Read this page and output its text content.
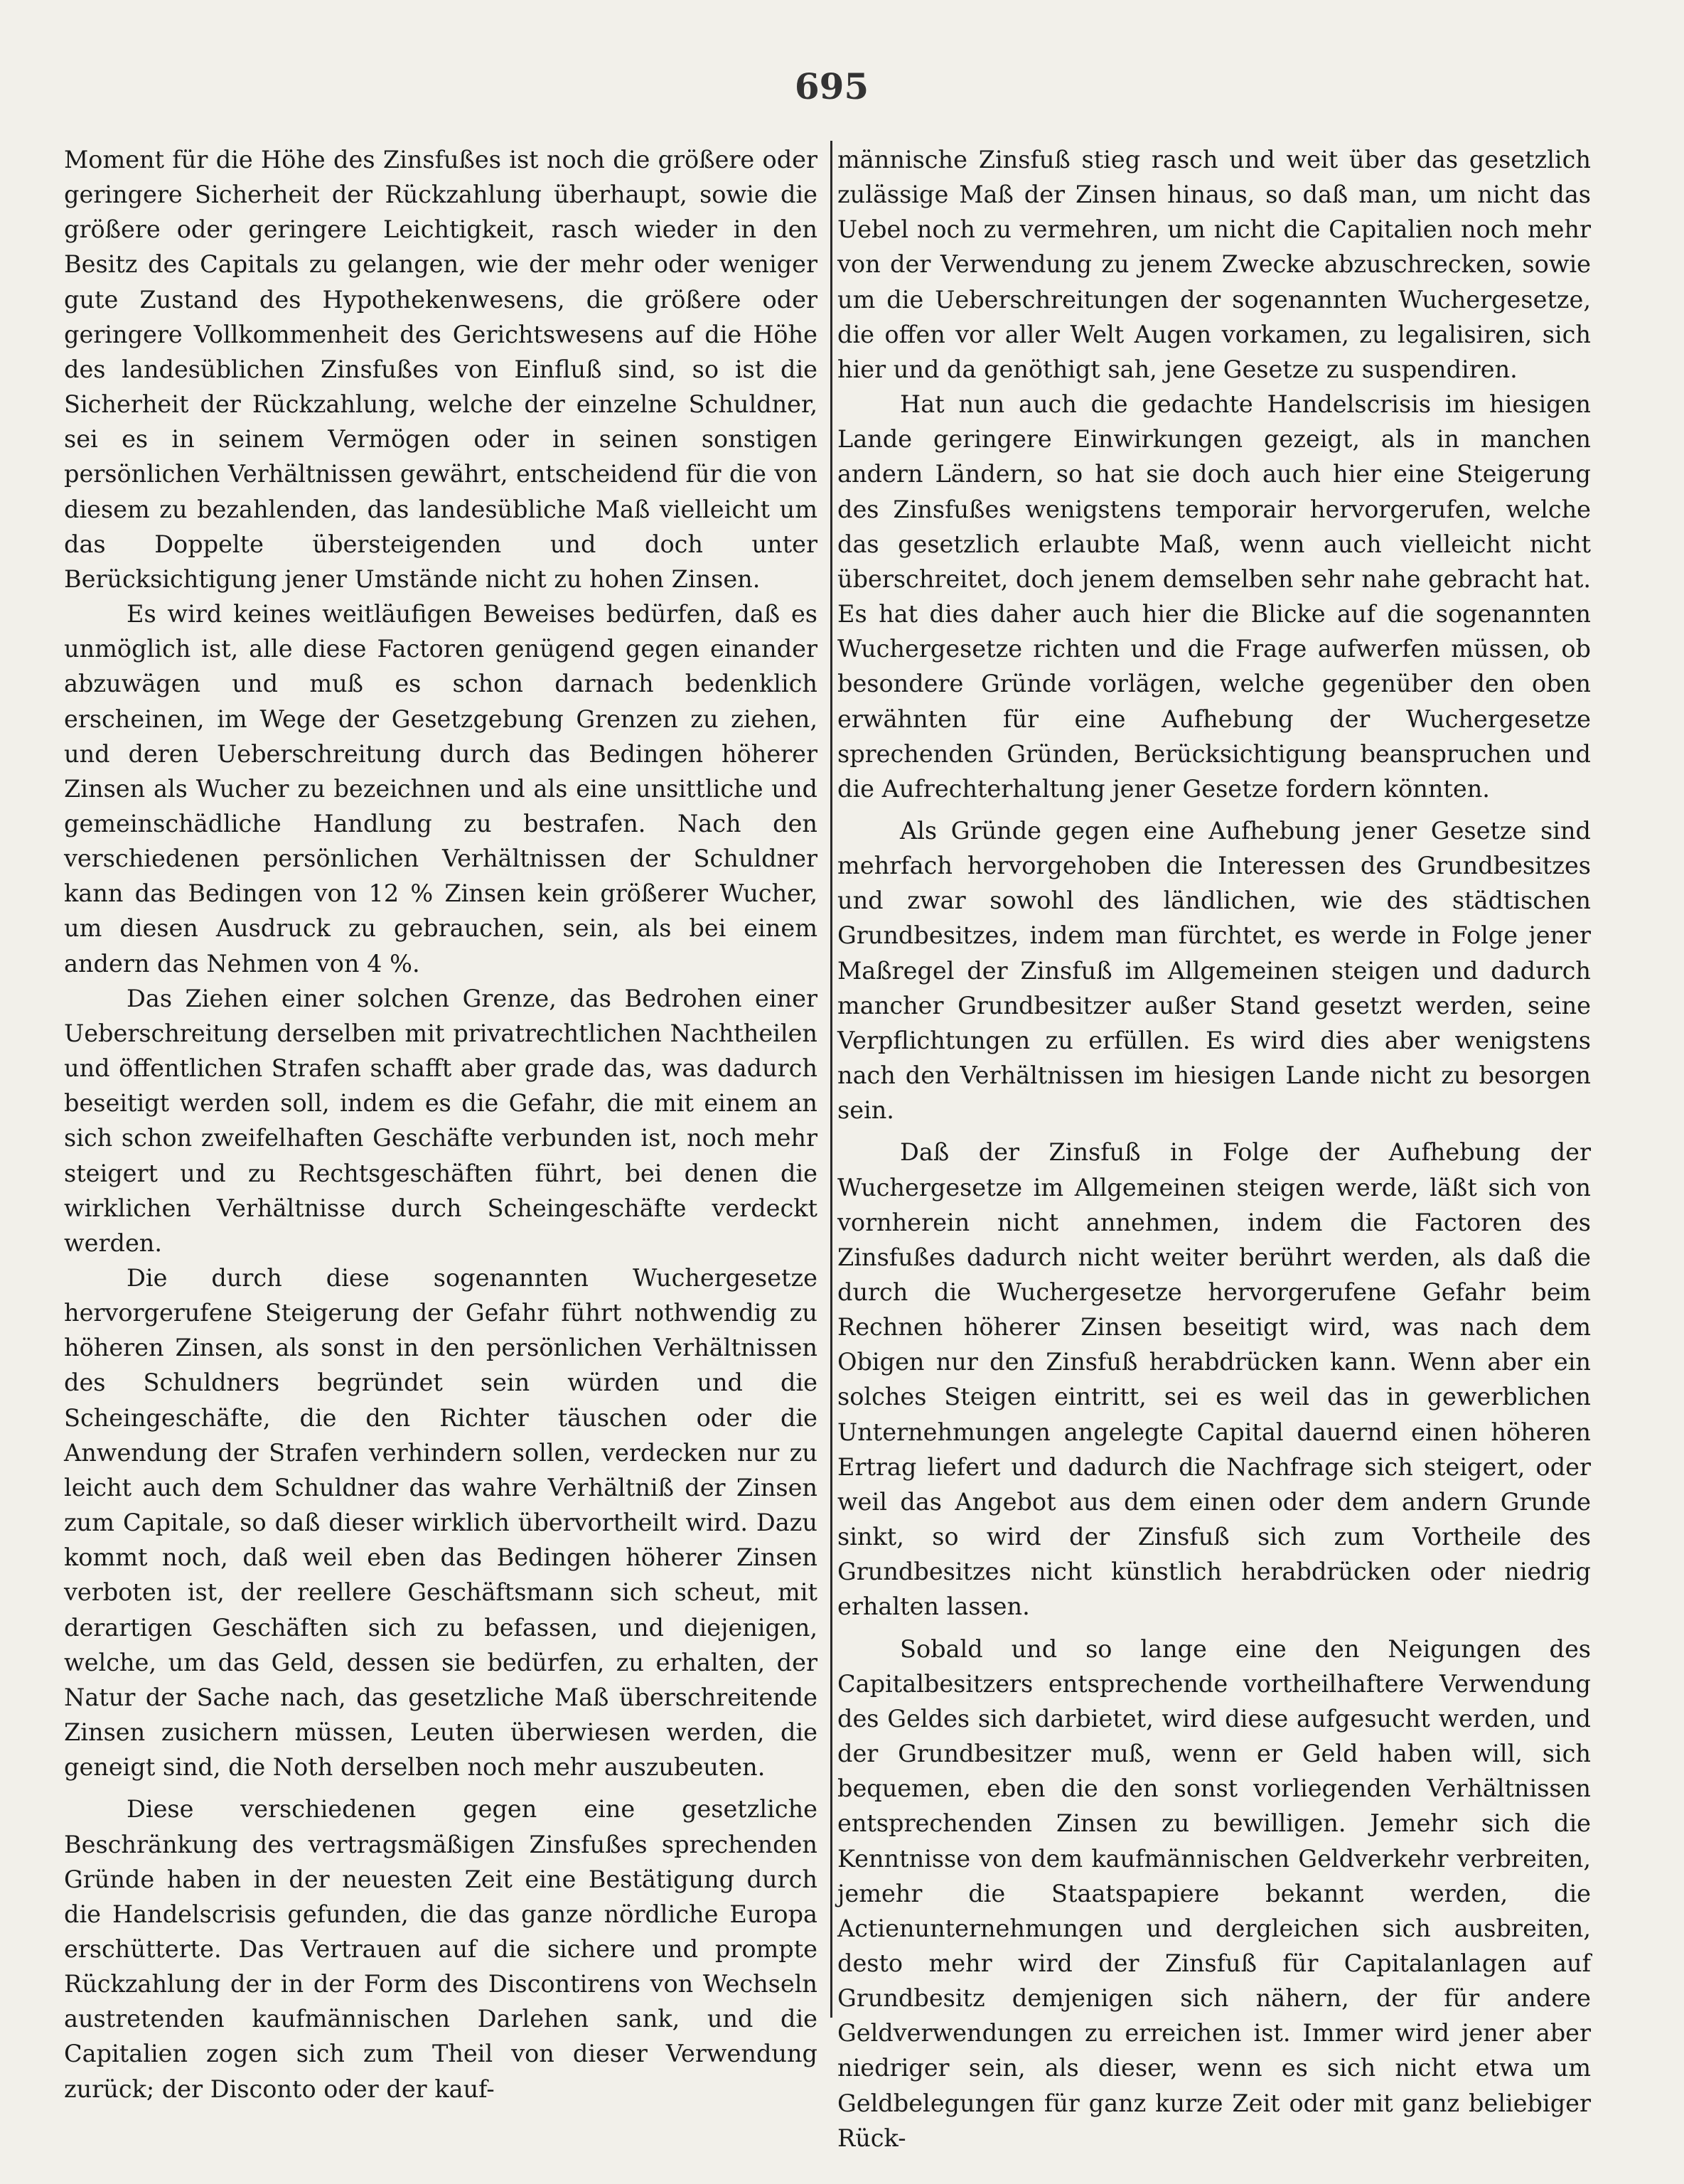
695

Moment für die Höhe des Zinsfußes ist noch die größere oder geringere Sicherheit der Rückzahlung überhaupt, sowie die größere oder geringere Leichtigkeit, rasch wieder in den Besitz des Capitals zu gelangen, wie der mehr oder weniger gute Zustand des Hypothekenwesens, die größere oder geringere Vollkommenheit des Gerichtswesens auf die Höhe des landesüblichen Zinsfußes von Einfluß sind, so ist die Sicherheit der Rückzahlung, welche der einzelne Schuldner, sei es in seinem Vermögen oder in seinen sonstigen persönlichen Verhältnissen gewährt, entscheidend für die von diesem zu bezahlenden, das landesübliche Maß vielleicht um das Doppelte übersteigenden und doch unter Berücksichtigung jener Umstände nicht zu hohen Zinsen.

Es wird keines weitläufigen Beweises bedürfen, daß es unmöglich ist, alle diese Factoren genügend gegen einander abzuwägen und muß es schon darnach bedenklich erscheinen, im Wege der Gesetzgebung Grenzen zu ziehen, und deren Ueberschreitung durch das Bedingen höherer Zinsen als Wucher zu bezeichnen und als eine unsittliche und gemeinschädliche Handlung zu bestrafen. Nach den verschiedenen persönlichen Verhältnissen der Schuldner kann das Bedingen von 12 % Zinsen kein größerer Wucher, um diesen Ausdruck zu gebrauchen, sein, als bei einem andern das Nehmen von 4 %.

Das Ziehen einer solchen Grenze, das Bedrohen einer Ueberschreitung derselben mit privatrechtlichen Nachtheilen und öffentlichen Strafen schafft aber grade das, was dadurch beseitigt werden soll, indem es die Gefahr, die mit einem an sich schon zweifelhaften Geschäfte verbunden ist, noch mehr steigert und zu Rechtsgeschäften führt, bei denen die wirklichen Verhältnisse durch Scheingeschäfte verdeckt werden.

Die durch diese sogenannten Wuchergesetze hervorgerufene Steigerung der Gefahr führt nothwendig zu höheren Zinsen, als sonst in den persönlichen Verhältnissen des Schuldners begründet sein würden und die Scheingeschäfte, die den Richter täuschen oder die Anwendung der Strafen verhindern sollen, verdecken nur zu leicht auch dem Schuldner das wahre Verhältniß der Zinsen zum Capitale, so daß dieser wirklich übervortheilt wird. Dazu kommt noch, daß weil eben das Bedingen höherer Zinsen verboten ist, der reellere Geschäftsmann sich scheut, mit derartigen Geschäften sich zu befassen, und diejenigen, welche, um das Geld, dessen sie bedürfen, zu erhalten, der Natur der Sache nach, das gesetzliche Maß überschreitende Zinsen zusichern müssen, Leuten überwiesen werden, die geneigt sind, die Noth derselben noch mehr auszubeuten.

Diese verschiedenen gegen eine gesetzliche Beschränkung des vertragsmäßigen Zinsfußes sprechenden Gründe haben in der neuesten Zeit eine Bestätigung durch die Handelscrisis gefunden, die das ganze nördliche Europa erschütterte. Das Vertrauen auf die sichere und prompte Rückzahlung der in der Form des Discontirens von Wechseln austretenden kaufmännischen Darlehen sank, und die Capitalien zogen sich zum Theil von dieser Verwendung zurück; der Disconto oder der kauf-

männische Zinsfuß stieg rasch und weit über das gesetzlich zulässige Maß der Zinsen hinaus, so daß man, um nicht das Uebel noch zu vermehren, um nicht die Capitalien noch mehr von der Verwendung zu jenem Zwecke abzuschrecken, sowie um die Ueberschreitungen der sogenannten Wuchergesetze, die offen vor aller Welt Augen vorkamen, zu legalisiren, sich hier und da genöthigt sah, jene Gesetze zu suspendiren.

Hat nun auch die gedachte Handelscrisis im hiesigen Lande geringere Einwirkungen gezeigt, als in manchen andern Ländern, so hat sie doch auch hier eine Steigerung des Zinsfußes wenigstens temporair hervorgerufen, welche das gesetzlich erlaubte Maß, wenn auch vielleicht nicht überschreitet, doch jenem demselben sehr nahe gebracht hat. Es hat dies daher auch hier die Blicke auf die sogenannten Wuchergesetze richten und die Frage aufwerfen müssen, ob besondere Gründe vorlägen, welche gegenüber den oben erwähnten für eine Aufhebung der Wuchergesetze sprechenden Gründen, Berücksichtigung beanspruchen und die Aufrechterhaltung jener Gesetze fordern könnten.

Als Gründe gegen eine Aufhebung jener Gesetze sind mehrfach hervorgehoben die Interessen des Grundbesitzes und zwar sowohl des ländlichen, wie des städtischen Grundbesitzes, indem man fürchtet, es werde in Folge jener Maßregel der Zinsfuß im Allgemeinen steigen und dadurch mancher Grundbesitzer außer Stand gesetzt werden, seine Verpflichtungen zu erfüllen. Es wird dies aber wenigstens nach den Verhältnissen im hiesigen Lande nicht zu besorgen sein.

Daß der Zinsfuß in Folge der Aufhebung der Wuchergesetze im Allgemeinen steigen werde, läßt sich von vornherein nicht annehmen, indem die Factoren des Zinsfußes dadurch nicht weiter berührt werden, als daß die durch die Wuchergesetze hervorgerufene Gefahr beim Rechnen höherer Zinsen beseitigt wird, was nach dem Obigen nur den Zinsfuß herabdrücken kann. Wenn aber ein solches Steigen eintritt, sei es weil das in gewerblichen Unternehmungen angelegte Capital dauernd einen höheren Ertrag liefert und dadurch die Nachfrage sich steigert, oder weil das Angebot aus dem einen oder dem andern Grunde sinkt, so wird der Zinsfuß sich zum Vortheile des Grundbesitzes nicht künstlich herabdrücken oder niedrig erhalten lassen.

Sobald und so lange eine den Neigungen des Capitalbesitzers entsprechende vortheilhaftere Verwendung des Geldes sich darbietet, wird diese aufgesucht werden, und der Grundbesitzer muß, wenn er Geld haben will, sich bequemen, eben die den sonst vorliegenden Verhältnissen entsprechenden Zinsen zu bewilligen. Jemehr sich die Kenntnisse von dem kaufmännischen Geldverkehr verbreiten, jemehr die Staatspapiere bekannt werden, die Actienunternehmungen und dergleichen sich ausbreiten, desto mehr wird der Zinsfuß für Capitalanlagen auf Grundbesitz demjenigen sich nähern, der für andere Geldverwendungen zu erreichen ist. Immer wird jener aber niedriger sein, als dieser, wenn es sich nicht etwa um Geldbelegungen für ganz kurze Zeit oder mit ganz beliebiger Rück-
